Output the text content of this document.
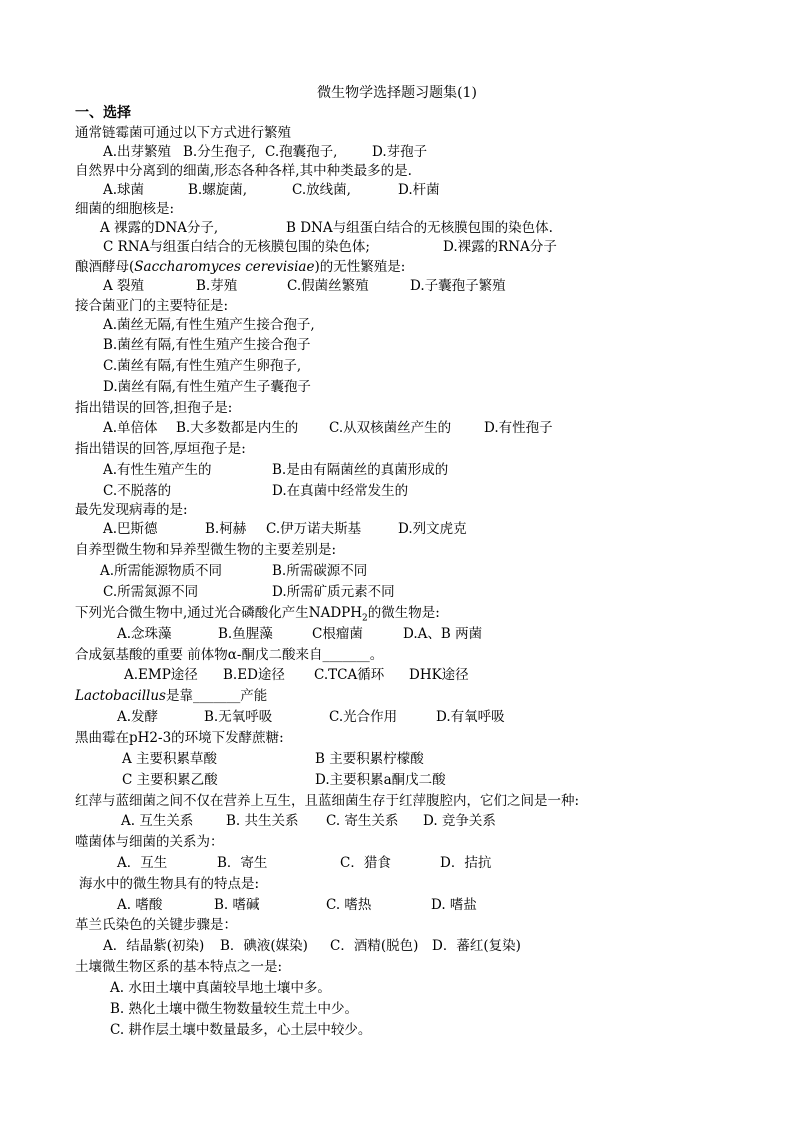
微生物学选择题习题集(1)
一、选择
通常链霉菌可通过以下方式进行繁殖
A.出芽繁殖 B.分生孢子, C.孢囊孢子,	D.芽孢子
自然界中分离到的细菌,形态各种各样,其中种类最多的是.
A.球菌	B.螺旋菌,	C.放线菌,	D.杆菌
细菌的细胞核是:
A 裸露的DNA分子,	B DNA与组蛋白结合的无核膜包围的染色体.
C RNA与组蛋白结合的无核膜包围的染色体;	D.裸露的RNA分子
酿酒酵母(Saccharomyces cerevisiae)的无性繁殖是:
A 裂殖	B.芽殖	C.假菌丝繁殖	D.子囊孢子繁殖
接合菌亚门的主要特征是:
A.菌丝无隔,有性生殖产生接合孢子,
B.菌丝有隔,有性生殖产生接合孢子
C.菌丝有隔,有性生殖产生卵孢子,
D.菌丝有隔,有性生殖产生子囊孢子
指出错误的回答,担孢子是:
A.单倍体 B.大多数都是内生的 C.从双核菌丝产生的 D.有性孢子
指出错误的回答,厚垣孢子是:
A.有性生殖产生的	B.是由有隔菌丝的真菌形成的
C.不脱落的	D.在真菌中经常发生的
最先发现病毒的是:
A.巴斯德	B.柯赫 C.伊万诺夫斯基	D.列文虎克
自养型微生物和异养型微生物的主要差别是:
A.所需能源物质不同	B.所需碳源不同
C.所需氮源不同	D.所需矿质元素不同
下列光合微生物中,通过光合磷酸化产生$NADPH_2$的微生物是:
A.念珠藻	B.鱼腥藻	C根瘤菌	D.A、B 两菌
合成氨基酸的重要 前体物α-酮戊二酸来自_______。
A.EMP途径 B.ED途径 C.TCA循环 DHK途径
Lactobacillus是靠_______产能
A.发酵	B.无氧呼吸	C.光合作用	D.有氧呼吸
黑曲霉在pH2-3的环境下发酵蔗糖:
A 主要积累草酸	B 主要积累柠檬酸
C 主要积累乙酸	D.主要积累a酮戊二酸
红萍与蓝细菌之间不仅在营养上互生，且蓝细菌生存于红萍腹腔内，它们之间是一种:
A. 互生关系 B. 共生关系 C. 寄生关系 D. 竞争关系
噬菌体与细菌的关系为：
A．互生	B．寄生	C．猎食	D．拮抗
海水中的微生物具有的特点是:
A. 嗜酸	B. 嗜碱	C. 嗜热	D. 嗜盐
革兰氏染色的关键步骤是：
A．结晶紫(初染) B．碘液(媒染) C．酒精(脱色) D．蕃红(复染)
土壤微生物区系的基本特点之一是:
A. 水田土壤中真菌较旱地土壤中多。
B. 熟化土壤中微生物数量较生荒土中少。
C. 耕作层土壤中数量最多，心土层中较少。
